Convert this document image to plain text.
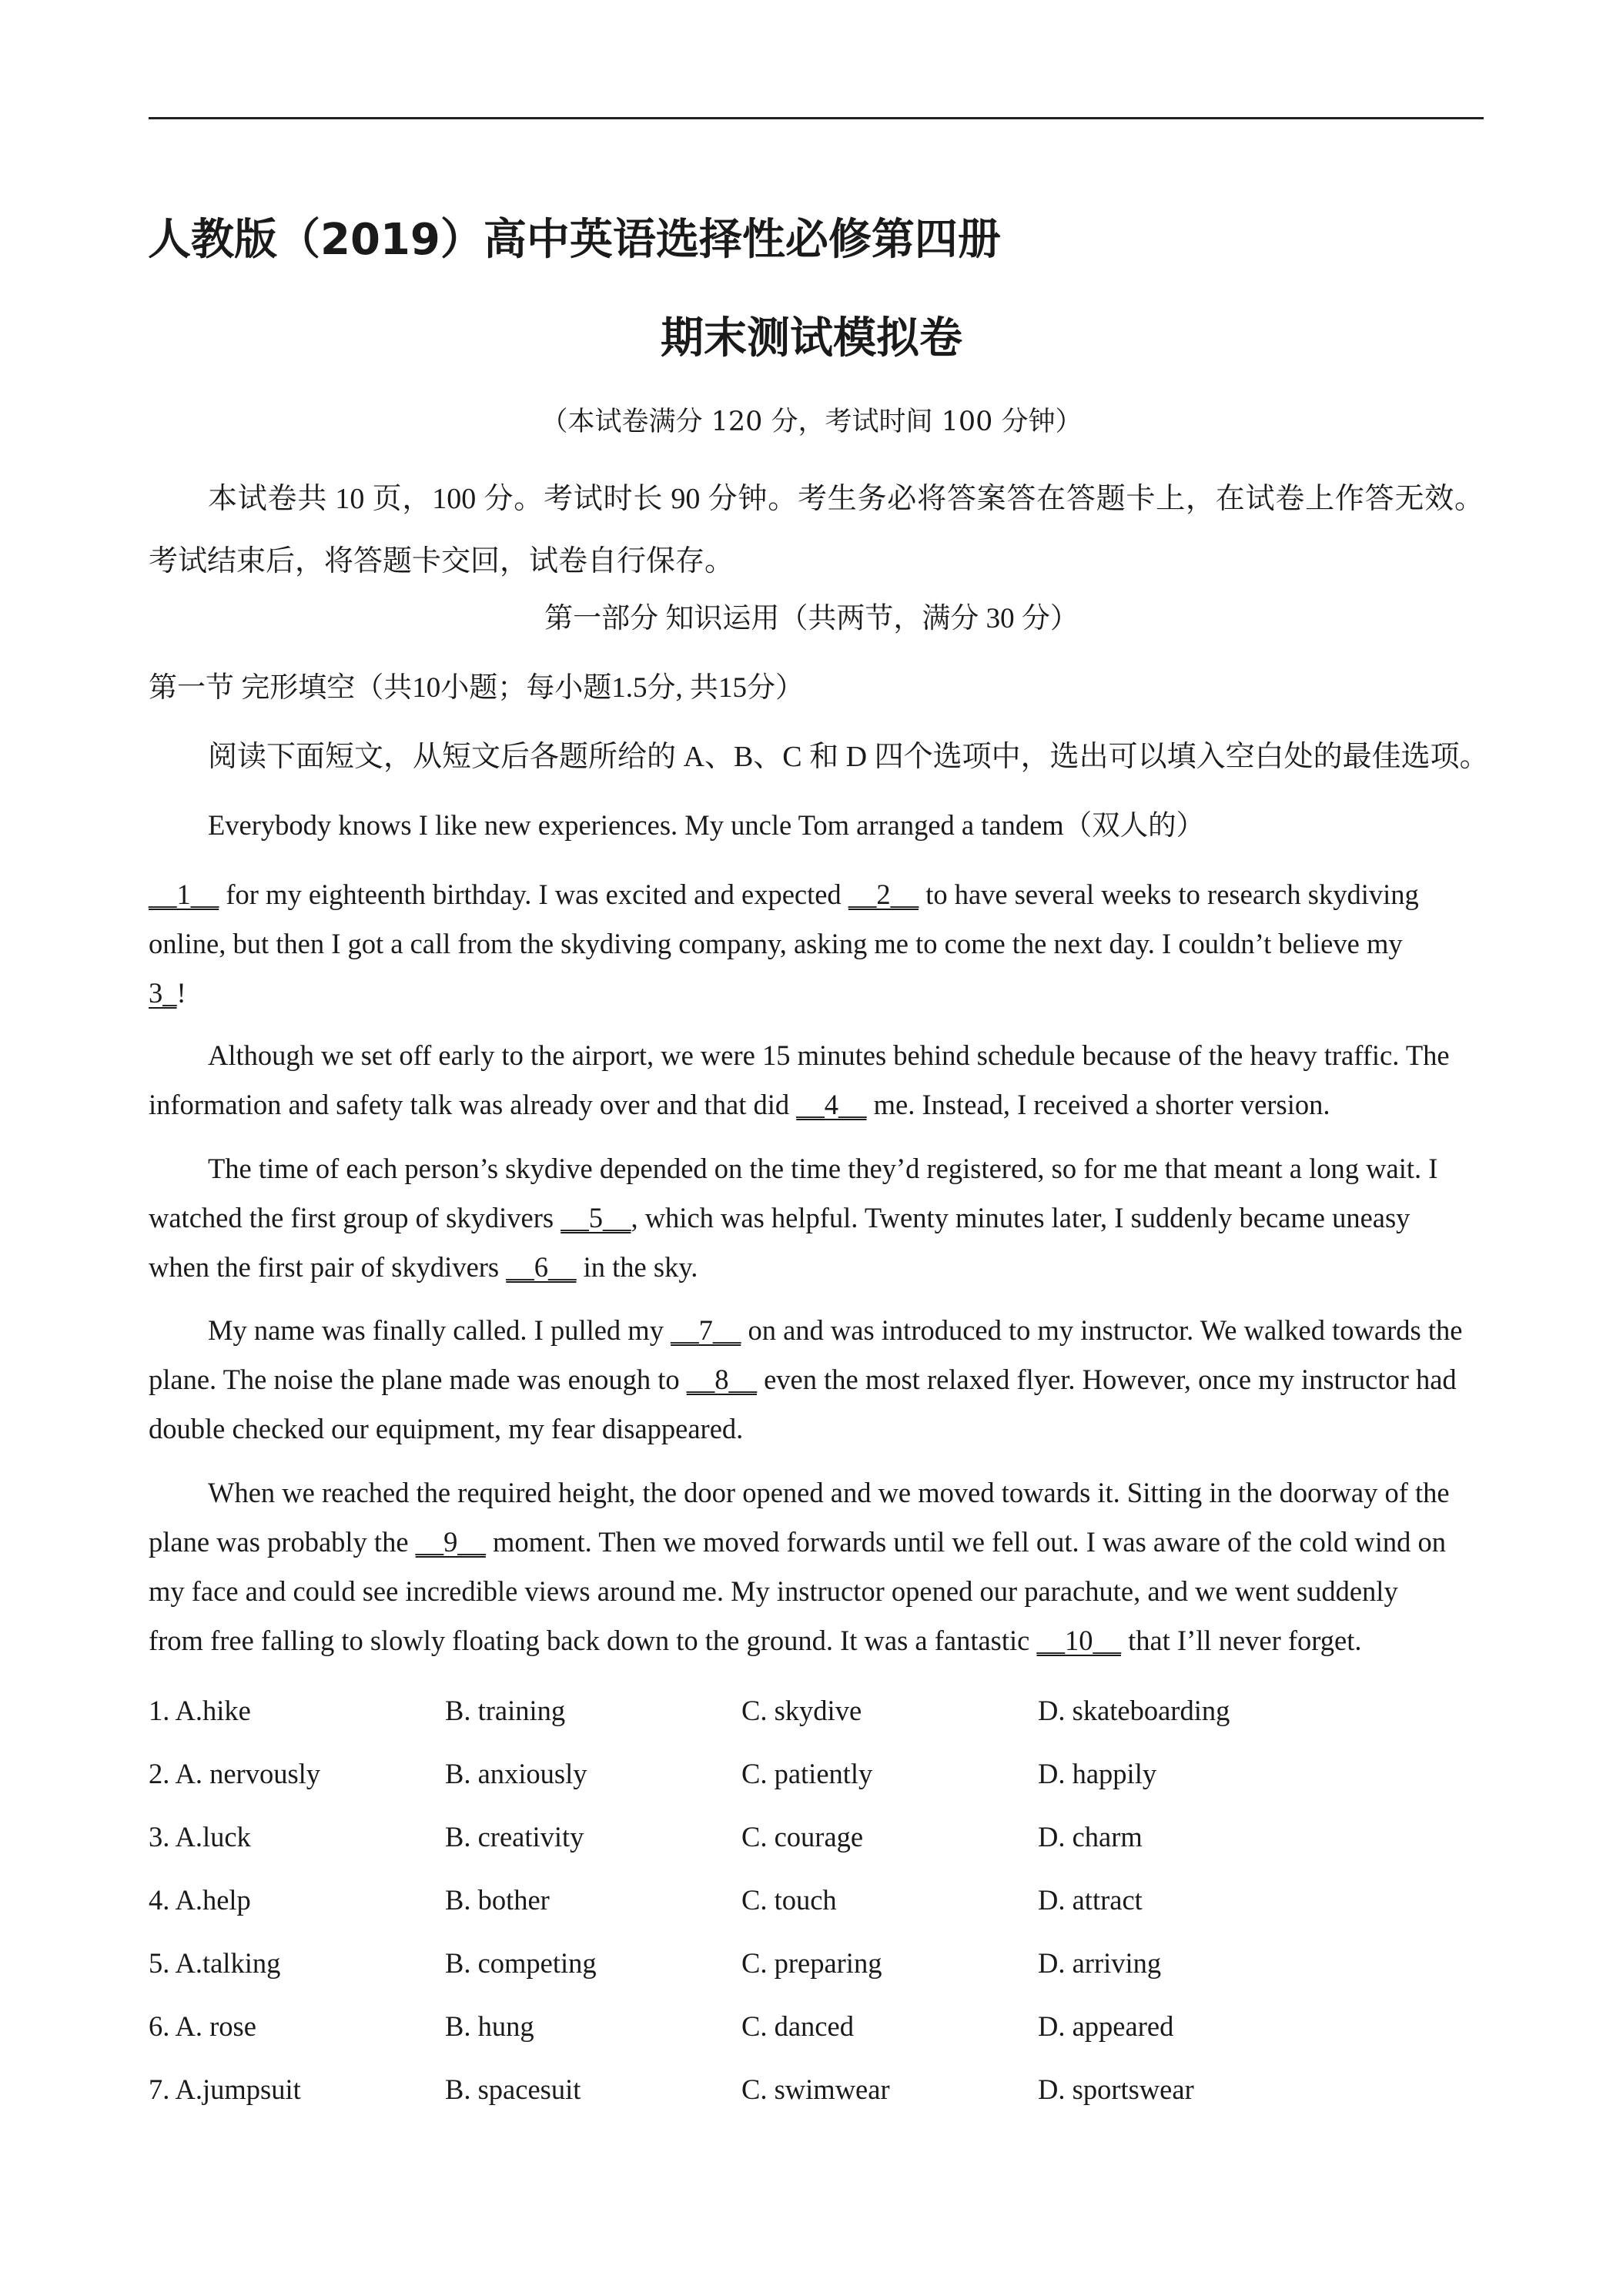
人教版（2019）高中英语选择性必修第四册
期末测试模拟卷
（本试卷满分 120 分，考试时间 100 分钟）
本试卷共 10 页，100 分。考试时长 90 分钟。考生务必将答案答在答题卡上，在试卷上作答无效。考试结束后，将答题卡交回，试卷自行保存。
第一部分 知识运用（共两节，满分 30 分）
第一节 完形填空（共10小题；每小题1.5分, 共15分）
阅读下面短文，从短文后各题所给的 A、B、C 和 D 四个选项中，选出可以填入空白处的最佳选项。
Everybody knows I like new experiences. My uncle Tom arranged a tandem（双人的）
__1__ for my eighteenth birthday. I was excited and expected __2__ to have several weeks to research skydiving
online, but then I got a call from the skydiving company, asking me to come the next day. I couldn’t believe my
3_!
Although we set off early to the airport, we were 15 minutes behind schedule because of the heavy traffic. The
information and safety talk was already over and that did __4__ me. Instead, I received a shorter version.
The time of each person’s skydive depended on the time they’d registered, so for me that meant a long wait. I
watched the first group of skydivers __5__, which was helpful. Twenty minutes later, I suddenly became uneasy
when the first pair of skydivers __6__ in the sky.
My name was finally called. I pulled my __7__ on and was introduced to my instructor. We walked towards the
plane. The noise the plane made was enough to __8__ even the most relaxed flyer. However, once my instructor had
double checked our equipment, my fear disappeared.
When we reached the required height, the door opened and we moved towards it. Sitting in the doorway of the
plane was probably the __9__ moment. Then we moved forwards until we fell out. I was aware of the cold wind on
my face and could see incredible views around me. My instructor opened our parachute, and we went suddenly
from free falling to slowly floating back down to the ground. It was a fantastic __10__ that I’ll never forget.
1. A.hike	B. training	C. skydive	D. skateboarding
2. A. nervously	B. anxiously	C. patiently	D. happily
3. A.luck	B. creativity	C. courage	D. charm
4. A.help	B. bother	C. touch	D. attract
5. A.talking	B. competing	C. preparing	D. arriving
6. A. rose	B. hung	C. danced	D. appeared
7. A.jumpsuit	B. spacesuit	C. swimwear	D. sportswear
